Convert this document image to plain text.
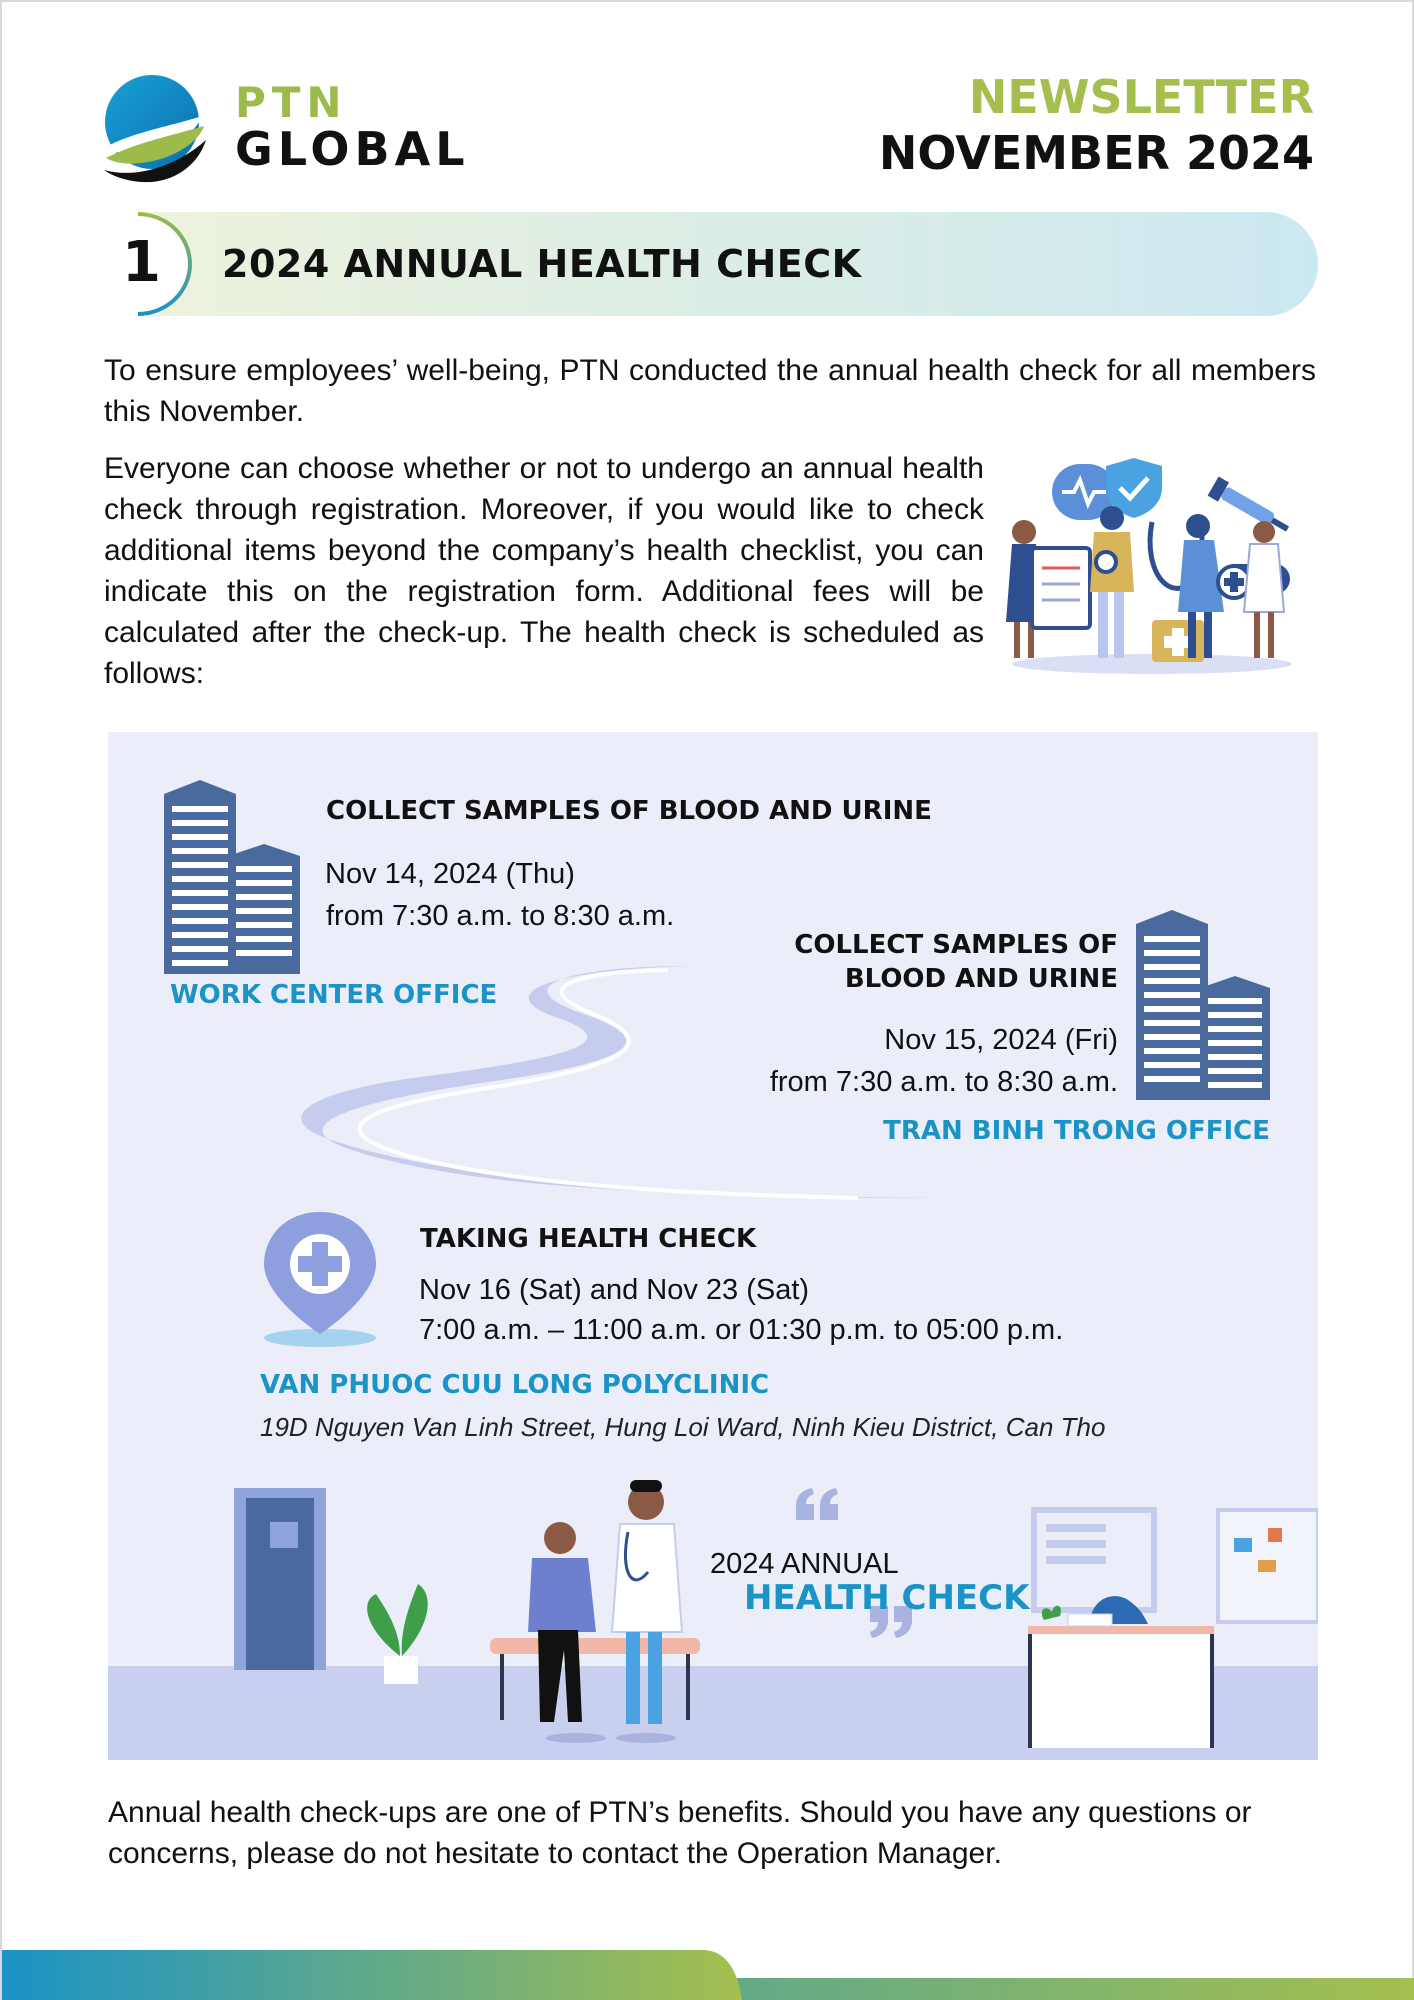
PTN
GLOBAL
NEWSLETTER
NOVEMBER 2024
1 2024 ANNUAL HEALTH CHECK

To ensure employees’ well-being, PTN conducted the annual health check for all members this November.

Everyone can choose whether or not to undergo an annual health check through registration. Moreover, if you would like to check additional items beyond the company’s health checklist, you can indicate this on the registration form. Additional fees will be calculated after the check-up. The health check is scheduled as follows:

COLLECT SAMPLES OF BLOOD AND URINE
Nov 14, 2024 (Thu)
from 7:30 a.m. to 8:30 a.m.
WORK CENTER OFFICE
COLLECT SAMPLES OF
BLOOD AND URINE
Nov 15, 2024 (Fri)
from 7:30 a.m. to 8:30 a.m.
TRAN BINH TRONG OFFICE
TAKING HEALTH CHECK
Nov 16 (Sat) and Nov 23 (Sat)
7:00 a.m. – 11:00 a.m. or 01:30 p.m. to 05:00 p.m.
VAN PHUOC CUU LONG POLYCLINIC
19D Nguyen Van Linh Street, Hung Loi Ward, Ninh Kieu District, Can Tho
2024 ANNUAL
HEALTH CHECK

Annual health check-ups are one of PTN’s benefits. Should you have any questions or concerns, please do not hesitate to contact the Operation Manager.
